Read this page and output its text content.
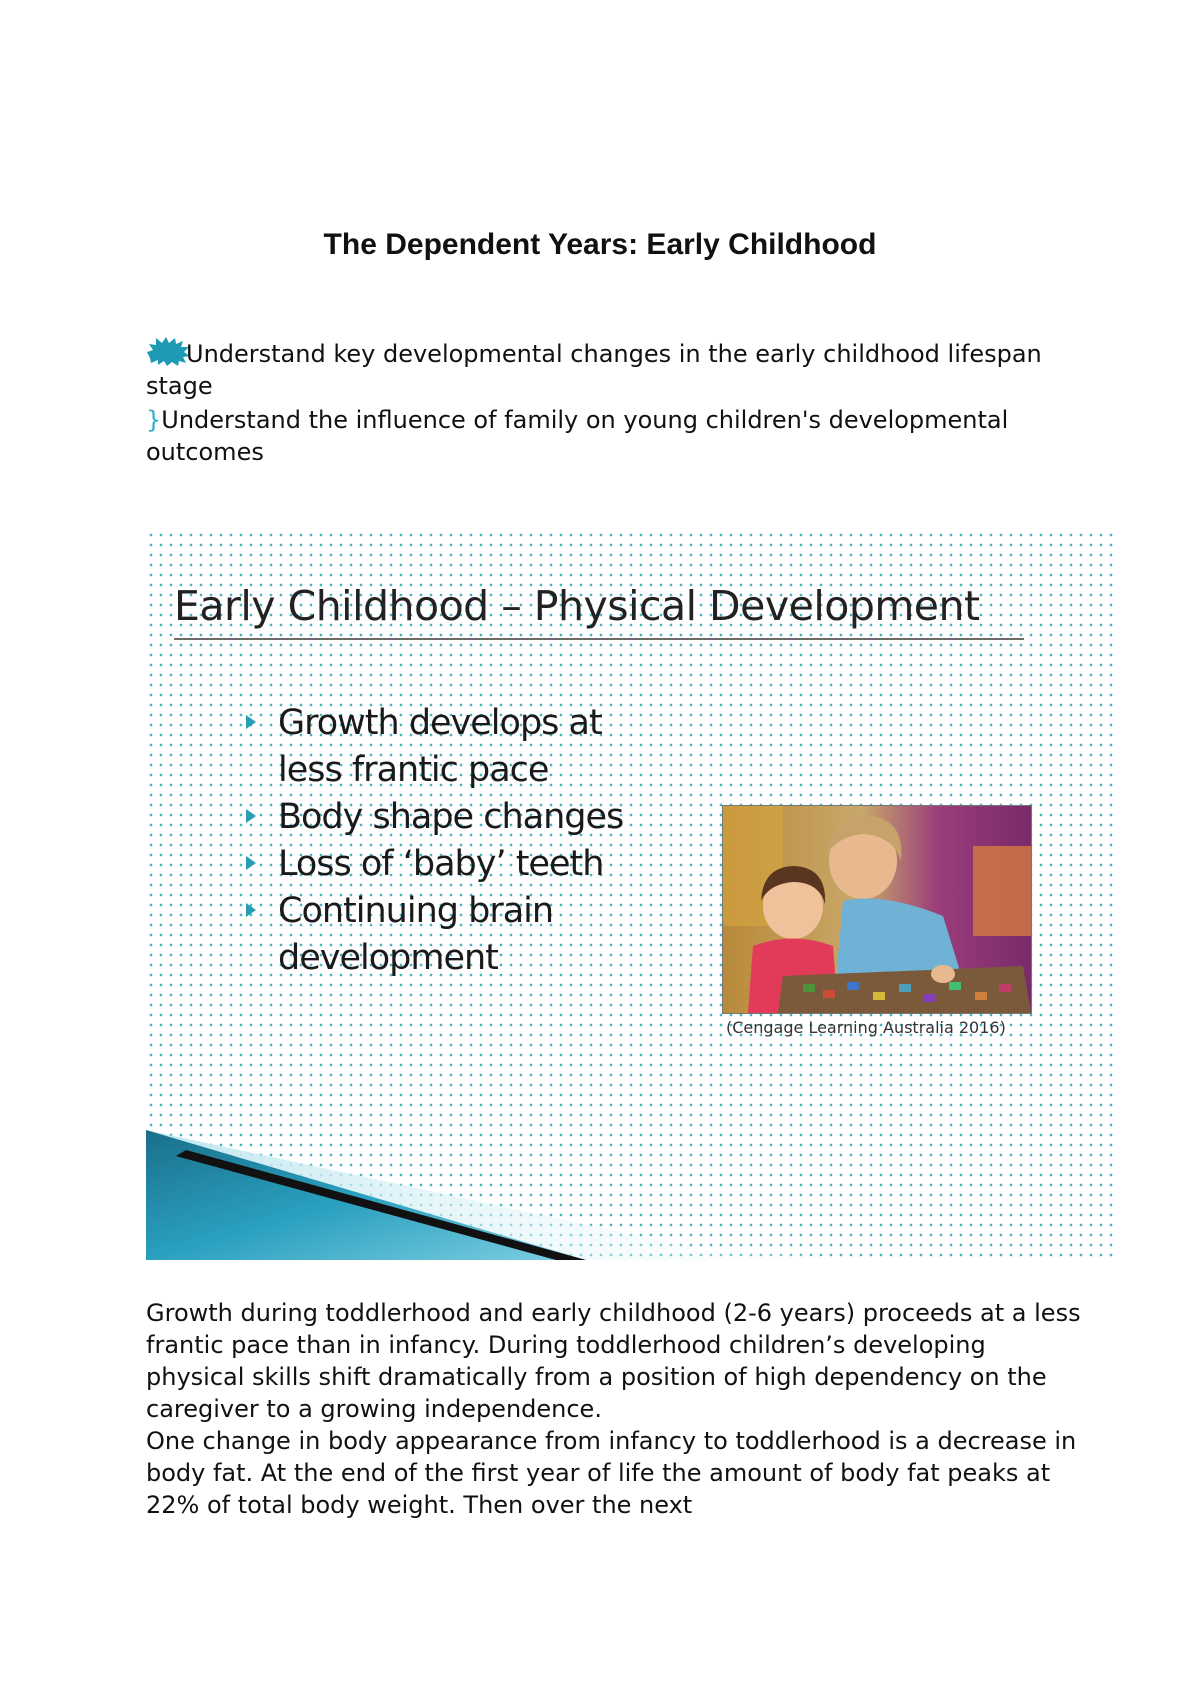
The Dependent Years: Early Childhood
Understand key developmental changes in the early childhood lifespan stage
}Understand the influence of family on young children's developmental outcomes
Early Childhood – Physical Development
Growth develops at less frantic pace
Body shape changes
Loss of ‘baby’ teeth
Continuing brain development
(Cengage Learning Australia 2016)
Growth during toddlerhood and early childhood (2-6 years) proceeds at a less frantic pace than in infancy. During toddlerhood children’s developing physical skills shift dramatically from a position of high dependency on the caregiver to a growing independence.
One change in body appearance from infancy to toddlerhood is a decrease in body fat. At the end of the first year of life the amount of body fat peaks at 22% of total body weight. Then over the next
